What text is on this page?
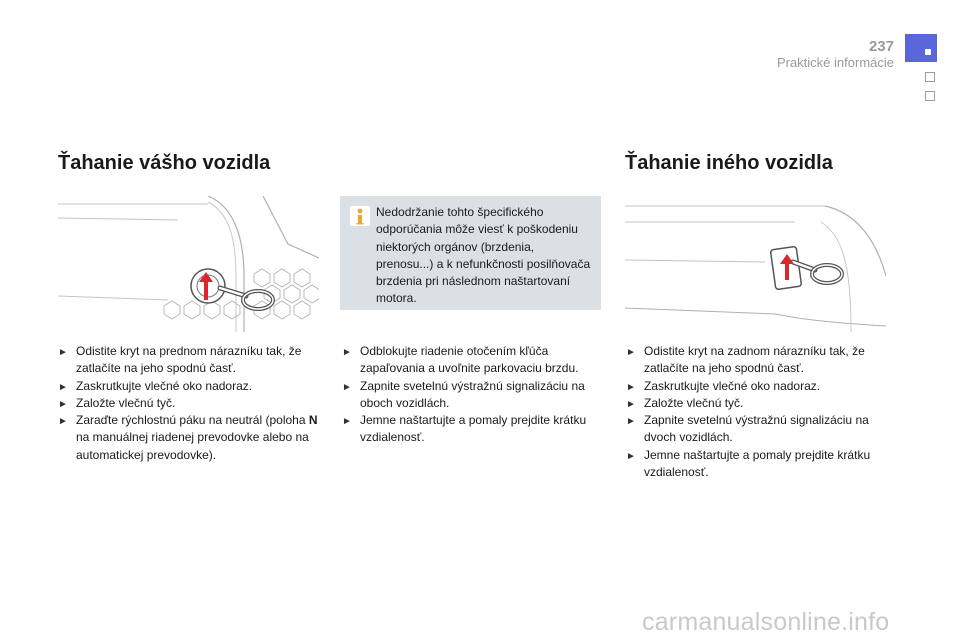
237
Praktické informácie
Ťahanie vášho vozidla
► Odistite kryt na prednom nárazníku tak, že zatlačíte na jeho spodnú časť.
► Zaskrutkujte vlečné oko nadoraz.
► Založte vlečnú tyč.
► Zaraďte rýchlostnú páku na neutrál (poloha N na manuálnej riadenej prevodovke alebo na automatickej prevodovke).
Nedodržanie tohto špecifického odporúčania môže viesť k poškodeniu niektorých orgánov (brzdenia, prenosu...) a k nefunkčnosti posilňovača brzdenia pri následnom naštartovaní motora.
► Odblokujte riadenie otočením kľúča zapaľovania a uvoľnite parkovaciu brzdu.
► Zapnite svetelnú výstražnú signalizáciu na oboch vozidlách.
► Jemne naštartujte a pomaly prejdite krátku vzdialenosť.
Ťahanie iného vozidla
► Odistite kryt na zadnom nárazníku tak, že zatlačíte na jeho spodnú časť.
► Zaskrutkujte vlečné oko nadoraz.
► Založte vlečnú tyč.
► Zapnite svetelnú výstražnú signalizáciu na dvoch vozidlách.
► Jemne naštartujte a pomaly prejdite krátku vzdialenosť.
carmanualsonline.info
